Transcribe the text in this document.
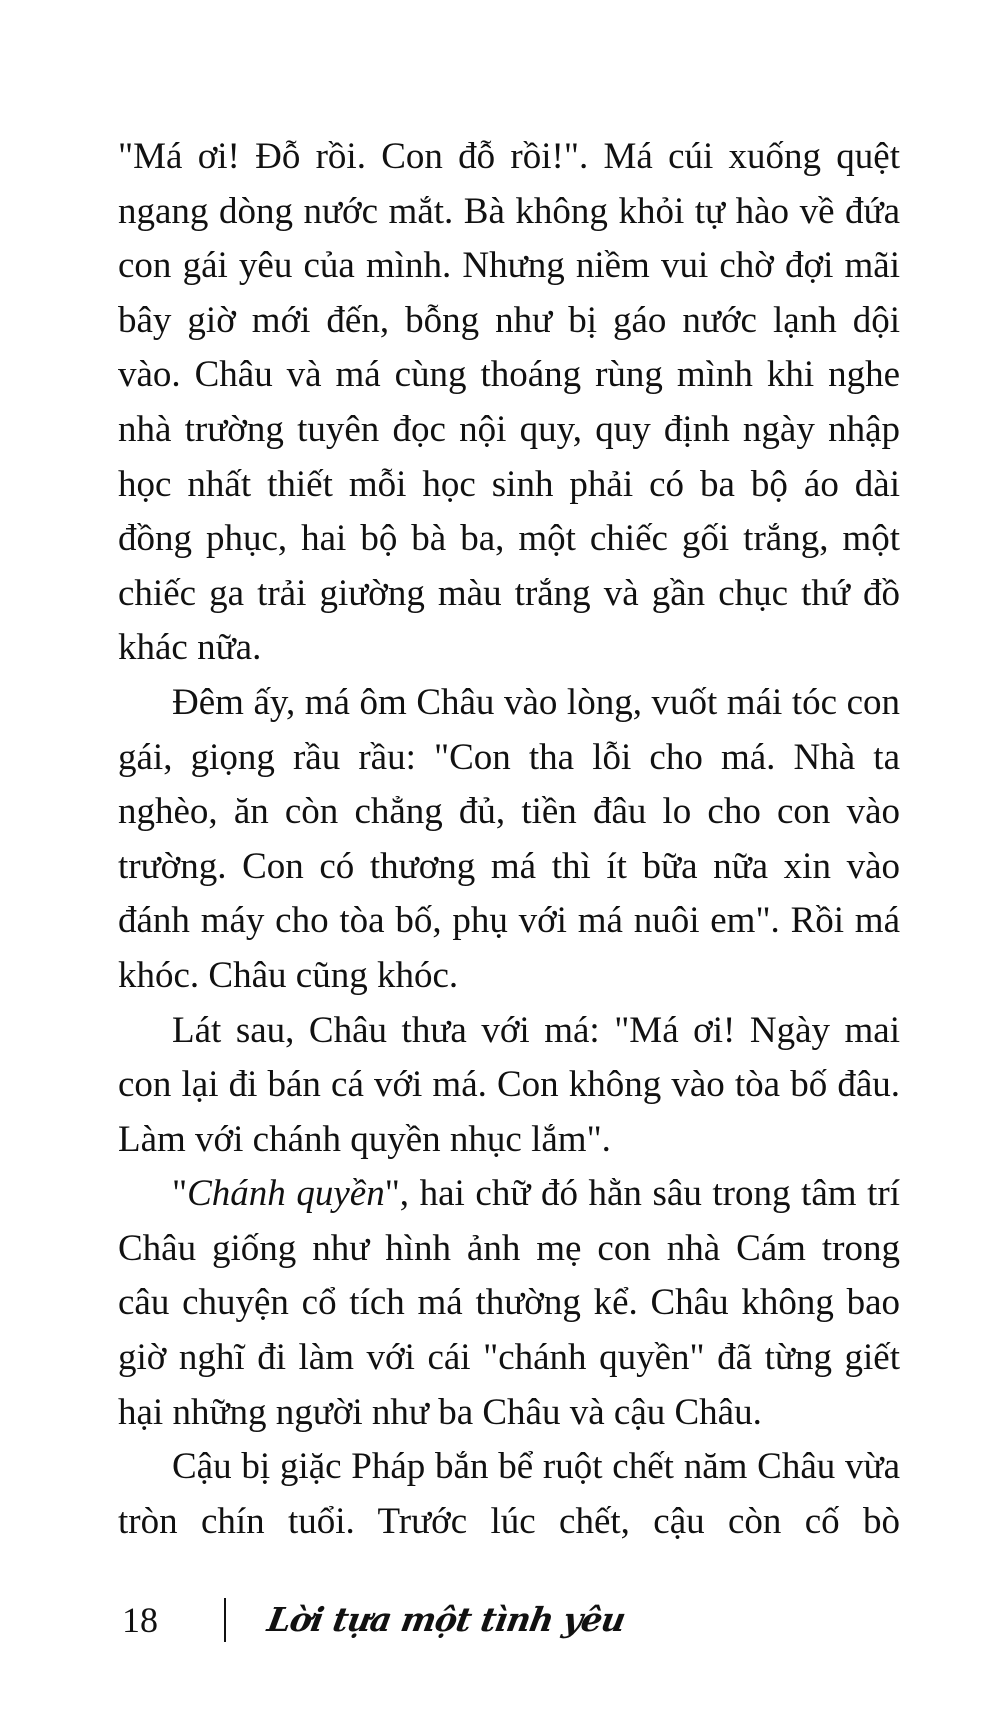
"Má ơi! Đỗ rồi. Con đỗ rồi!". Má cúi xuống quệt ngang dòng nước mắt. Bà không khỏi tự hào về đứa con gái yêu của mình. Nhưng niềm vui chờ đợi mãi bây giờ mới đến, bỗng như bị gáo nước lạnh dội vào. Châu và má cùng thoáng rùng mình khi nghe nhà trường tuyên đọc nội quy, quy định ngày nhập học nhất thiết mỗi học sinh phải có ba bộ áo dài đồng phục, hai bộ bà ba, một chiếc gối trắng, một chiếc ga trải giường màu trắng và gần chục thứ đồ khác nữa.

Đêm ấy, má ôm Châu vào lòng, vuốt mái tóc con gái, giọng rầu rầu: "Con tha lỗi cho má. Nhà ta nghèo, ăn còn chẳng đủ, tiền đâu lo cho con vào trường. Con có thương má thì ít bữa nữa xin vào đánh máy cho tòa bố, phụ với má nuôi em". Rồi má khóc. Châu cũng khóc.

Lát sau, Châu thưa với má: "Má ơi! Ngày mai con lại đi bán cá với má. Con không vào tòa bố đâu. Làm với chánh quyền nhục lắm".

"Chánh quyền", hai chữ đó hằn sâu trong tâm trí Châu giống như hình ảnh mẹ con nhà Cám trong câu chuyện cổ tích má thường kể. Châu không bao giờ nghĩ đi làm với cái "chánh quyền" đã từng giết hại những người như ba Châu và cậu Châu.

Cậu bị giặc Pháp bắn bể ruột chết năm Châu vừa tròn chín tuổi. Trước lúc chết, cậu còn cố bò

18	Lời tựa một tình yêu
